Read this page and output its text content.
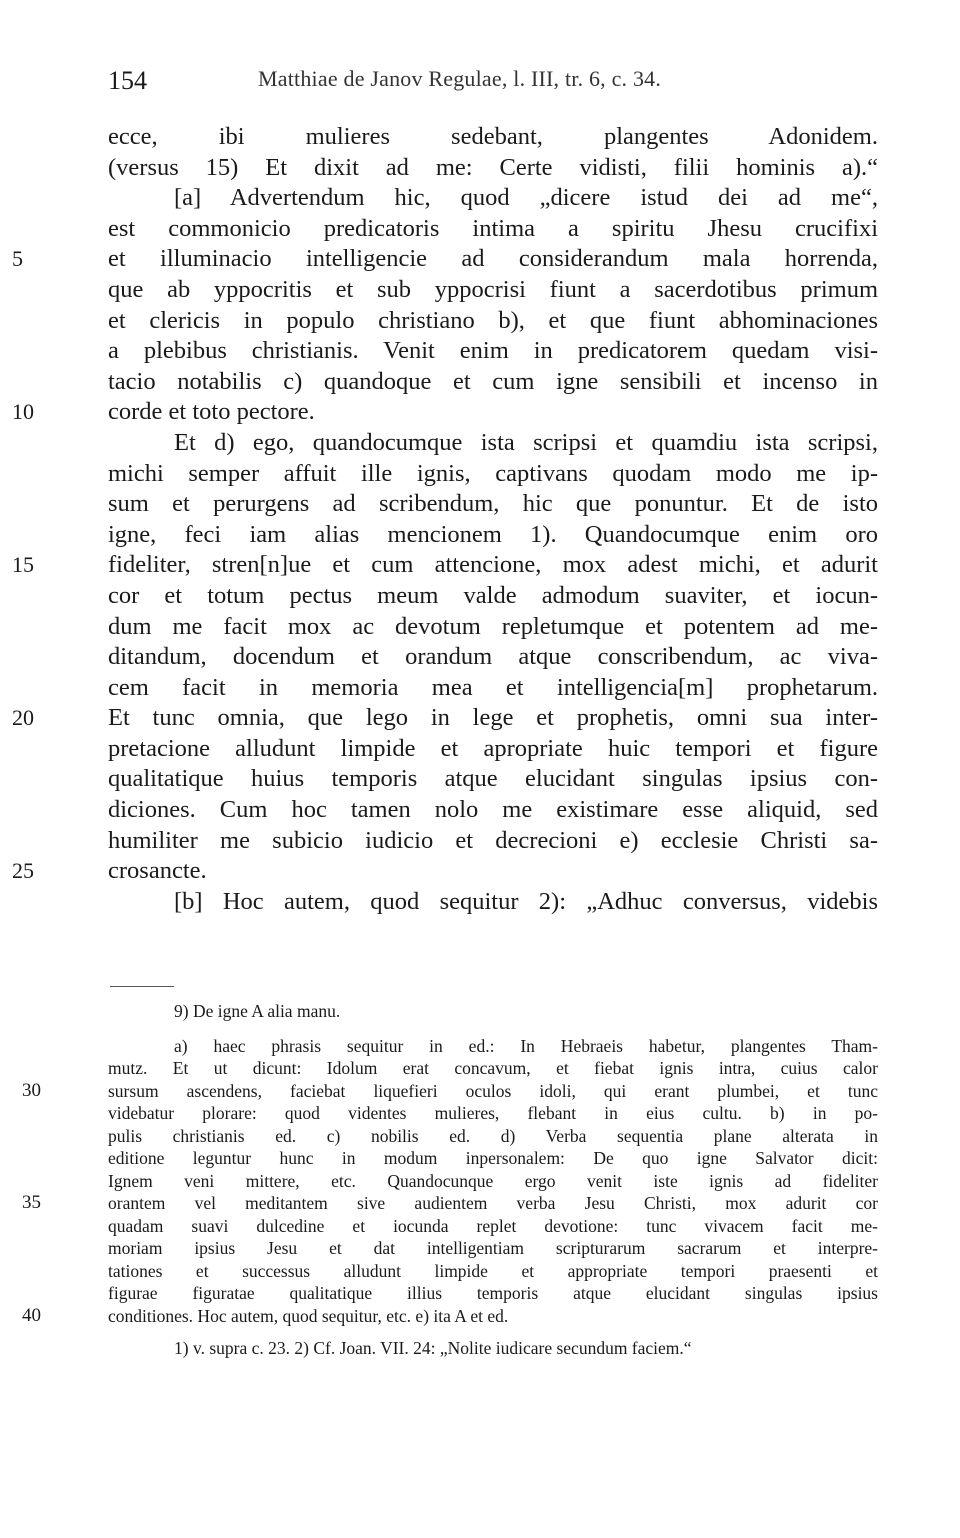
154	Matthiae de Janov Regulae, l. III, tr. 6, c. 34.
ecce, ibi mulieres sedebant, plangentes Adonidem.
(versus 15) Et dixit ad me: Certe vidisti, filii hominis a).“
[a] Advertendum hic, quod „dicere istud dei ad me“,
est commonicio predicatoris intima a spiritu Jhesu crucifixi
5	et illuminacio intelligencie ad considerandum mala horrenda,
que ab yppocritis et sub yppocrisi fiunt a sacerdotibus primum
et clericis in populo christiano b), et que fiunt abhominaciones
a plebibus christianis. Venit enim in predicatorem quedam visi-
tacio notabilis c) quandoque et cum igne sensibili et incenso in
10	corde et toto pectore.
Et d) ego, quandocumque ista scripsi et quamdiu ista scripsi,
michi semper affuit ille ignis, captivans quodam modo me ip-
sum et perurgens ad scribendum, hic que ponuntur. Et de isto
igne, feci iam alias mencionem 1). Quandocumque enim oro
15	fideliter, stren[n]ue et cum attencione, mox adest michi, et adurit
cor et totum pectus meum valde admodum suaviter, et iocun-
dum me facit mox ac devotum repletumque et potentem ad me-
ditandum, docendum et orandum atque conscribendum, ac viva-
cem facit in memoria mea et intelligencia[m] prophetarum.
20	Et tunc omnia, que lego in lege et prophetis, omni sua inter-
pretacione alludunt limpide et apropriate huic tempori et figure
qualitatique huius temporis atque elucidant singulas ipsius con-
diciones. Cum hoc tamen nolo me existimare esse aliquid, sed
humiliter me subicio iudicio et decrecioni e) ecclesie Christi sa-
25	crosancte.
[b] Hoc autem, quod sequitur 2): „Adhuc conversus, videbis
9) De igne A alia manu.
a) haec phrasis sequitur in ed.: In Hebraeis habetur, plangentes Tham-
mutz. Et ut dicunt: Idolum erat concavum, et fiebat ignis intra, cuius calor
30	sursum ascendens, faciebat liquefieri oculos idoli, qui erant plumbei, et tunc
videbatur plorare: quod videntes mulieres, flebant in eius cultu. b) in po-
pulis christianis ed. c) nobilis ed. d) Verba sequentia plane alterata in
editione leguntur hunc in modum inpersonalem: De quo igne Salvator dicit:
Ignem veni mittere, etc. Quandocunque ergo venit iste ignis ad fideliter
35	orantem vel meditantem sive audientem verba Jesu Christi, mox adurit cor
quadam suavi dulcedine et iocunda replet devotione: tunc vivacem facit me-
moriam ipsius Jesu et dat intelligentiam scripturarum sacrarum et interpre-
tationes et successus alludunt limpide et appropriate tempori praesenti et
figurae figuratae qualitatique illius temporis atque elucidant singulas ipsius
40	conditiones. Hoc autem, quod sequitur, etc. e) ita A et ed.
1) v. supra c. 23. 2) Cf. Joan. VII. 24: „Nolite iudicare secundum faciem.“
